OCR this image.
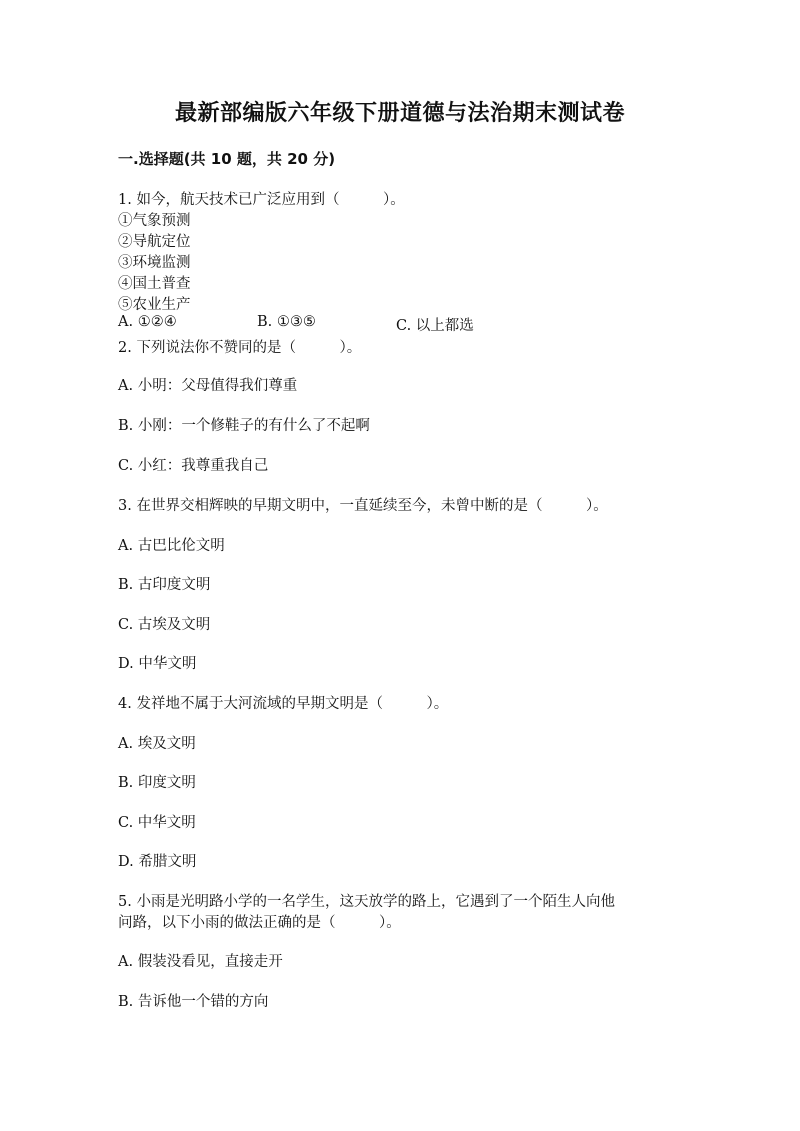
最新部编版六年级下册道德与法治期末测试卷
一.选择题(共 10 题，共 20 分)
1. 如今，航天技术已广泛应用到（　　　）。
①气象预测
②导航定位
③环境监测
④国土普查
⑤农业生产
A. ①②④	B. ①③⑤	C. 以上都选
2. 下列说法你不赞同的是（　　　）。
A. 小明：父母值得我们尊重
B. 小刚：一个修鞋子的有什么了不起啊
C. 小红：我尊重我自己
3. 在世界交相辉映的早期文明中，一直延续至今，未曾中断的是（　　　）。
A. 古巴比伦文明
B. 古印度文明
C. 古埃及文明
D. 中华文明
4. 发祥地不属于大河流域的早期文明是（　　　）。
A. 埃及文明
B. 印度文明
C. 中华文明
D. 希腊文明
5. 小雨是光明路小学的一名学生，这天放学的路上，它遇到了一个陌生人向他
问路，以下小雨的做法正确的是（　　　）。
A. 假装没看见，直接走开
B. 告诉他一个错的方向
